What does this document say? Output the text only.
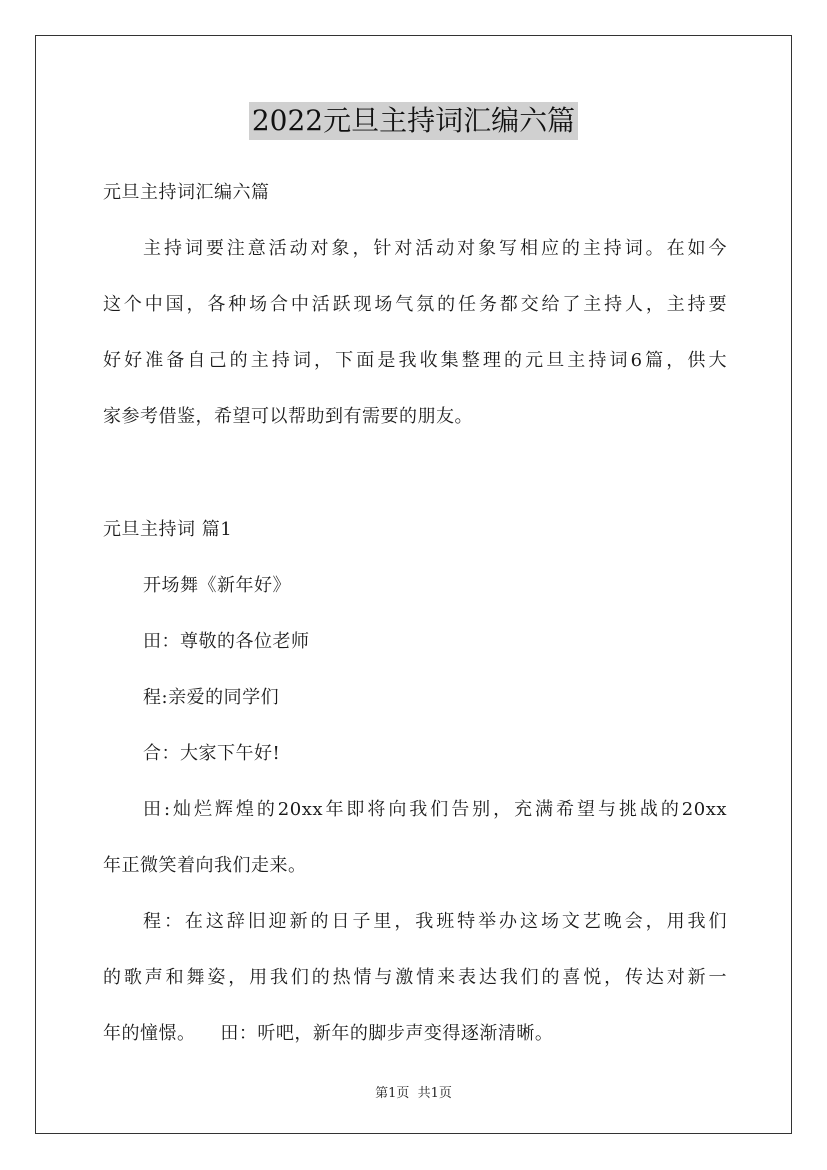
2022元旦主持词汇编六篇
元旦主持词汇编六篇
主持词要注意活动对象，针对活动对象写相应的主持词。在如今
这个中国，各种场合中活跃现场气氛的任务都交给了主持人，主持要
好好准备自己的主持词，下面是我收集整理的元旦主持词6篇，供大
家参考借鉴，希望可以帮助到有需要的朋友。
元旦主持词 篇1
开场舞《新年好》
田：尊敬的各位老师
程:亲爱的同学们
合：大家下午好!
田:灿烂辉煌的20xx年即将向我们告别，充满希望与挑战的20xx
年正微笑着向我们走来。
程：在这辞旧迎新的日子里，我班特举办这场文艺晚会，用我们
的歌声和舞姿，用我们的热情与激情来表达我们的喜悦，传达对新一
年的憧憬。    田：听吧，新年的脚步声变得逐渐清晰。
第1页  共1页
